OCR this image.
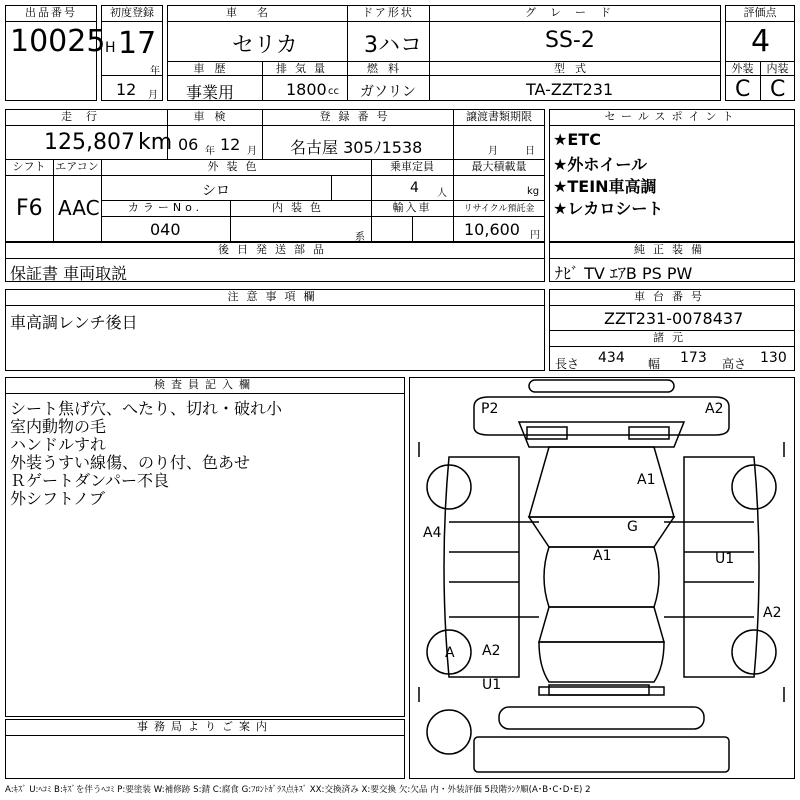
出品番号
10025
初度登録
H 17
年
12 月
車名
セリカ
ドア形状
3ハコ
グレード
SS-2
車歴
事業用
排気量
1800 cc
燃料
ガソリン
型式
TA-ZZT231
評価点
4
外装	内装
C C
走行
125,807 km
車検
06 年 12 月
登録番号
名古屋 305ﾉ1538
譲渡書類期限
月	日
シフト
F6
エアコン
AAC
外装色
シロ
乗車定員
4 人
最大積載量
kg
カラーNo.
040
内装色
系
輸入車	リサイクル預託金
10,600 円
セールスポイント
★ETC
★外ホイール
★TEIN車高調
★レカロシート
後日発送部品
保証書 車両取説
純正装備
ﾅﾋﾞ TV ｴｱB PS PW
注意事項欄
車高調レンチ後日
車台番号
ZZT231-0078437
諸元
長さ 434 幅 173 高さ 130
検査員記入欄
シート焦げ穴、へたり、切れ・破れ小
室内動物の毛
ハンドルすれ
外装うすい線傷、のり付、色あせ
Ｒゲートダンパー不良
外シフトノブ
事務局よりご案内
P2	A2
A1
G
A1
A4
U1
A2
A A2
U1
A:ｷｽﾞ U:ﾍｺﾐ B:ｷｽﾞを伴うﾍｺﾐ P:要塗装 W:補修跡 S:錆 C:腐食 G:ﾌﾛﾝﾄｶﾞﾗｽ点ｷｽﾞ XX:交換済み X:要交換 欠:欠品 内・外装評価 5段階ﾗﾝｸ順(A･B･C･D･E) 2
